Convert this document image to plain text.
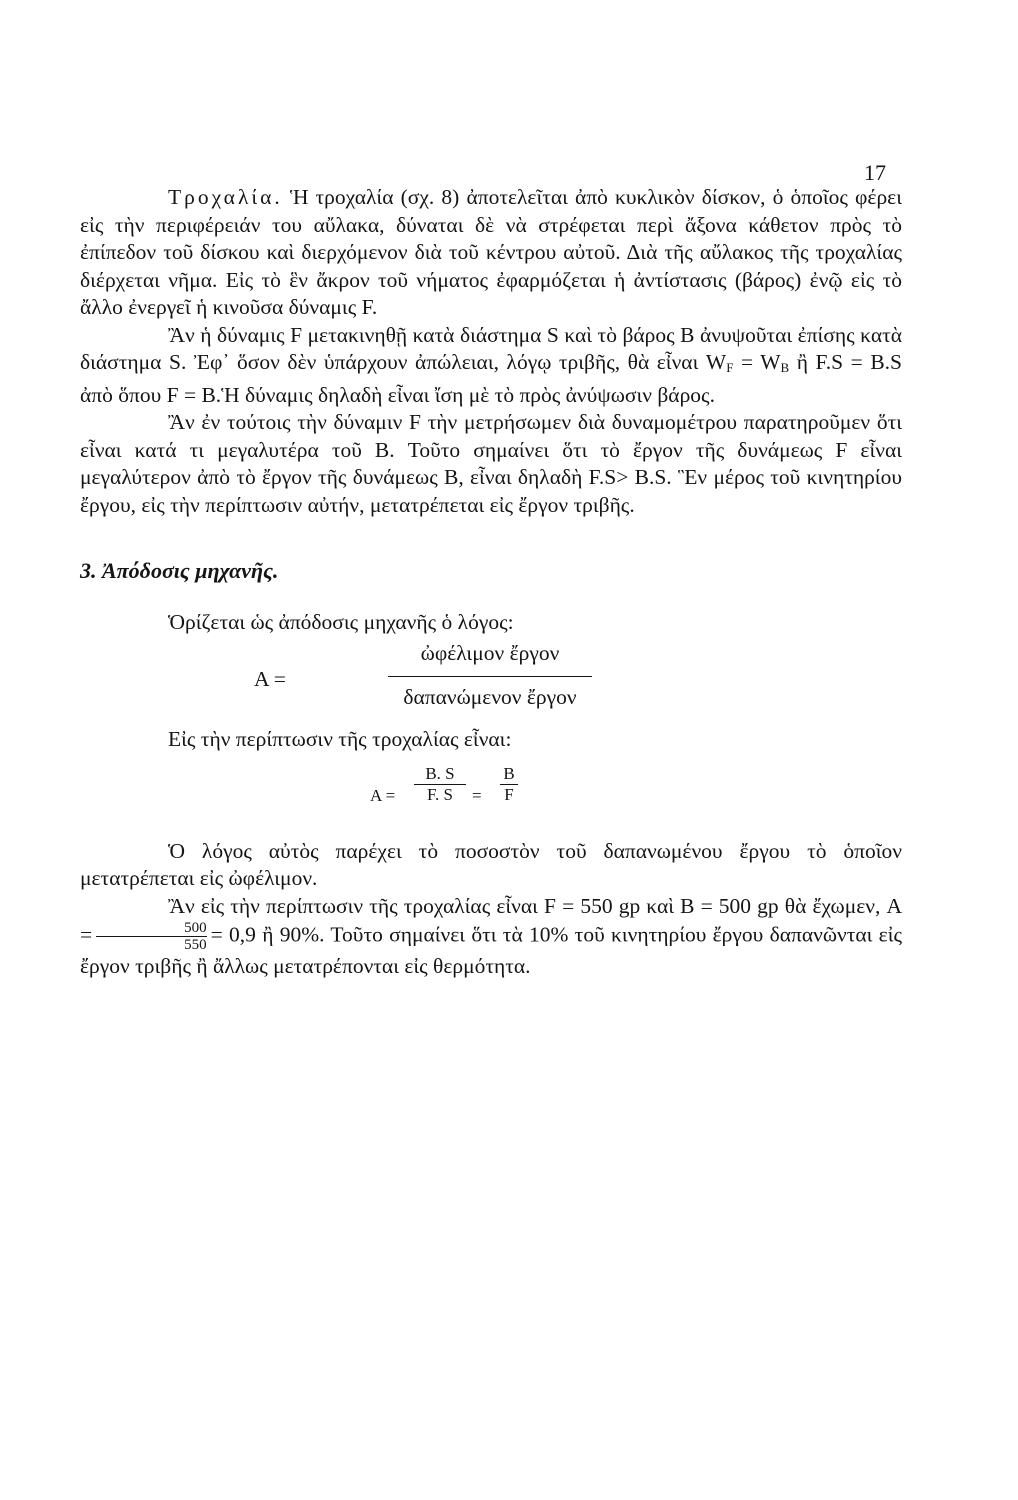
17

Τροχαλία. Ἡ τροχαλία (σχ. 8) ἀποτελεῖται ἀπὸ κυκλικὸν δίσκον, ὁ ὁποῖος φέρει εἰς τὴν περιφέρειάν του αὔλακα, δύναται δὲ νὰ στρέφεται περὶ ἄξονα κάθετον πρὸς τὸ ἐπίπεδον τοῦ δίσκου καὶ διερχόμενον διὰ τοῦ κέντρου αὐτοῦ. Διὰ τῆς αὔλακος τῆς τροχαλίας διέρχεται νῆμα. Εἰς τὸ ἓν ἄκρον τοῦ νήματος ἐφαρμόζεται ἡ ἀντίστασις (βάρος) ἐνῷ εἰς τὸ ἄλλο ἐνεργεῖ ἡ κινοῦσα δύναμις F.

Ἂν ἡ δύναμις F μετακινηθῇ κατὰ διάστημα S καὶ τὸ βάρος B ἀνυψοῦται ἐπίσης κατὰ διάστημα S. Ἐφ᾽ ὅσον δὲν ὑπάρχουν ἀπώλειαι, λόγῳ τριβῆς, θὰ εἶναι $W_F = W_B$ ἢ F.S = B.S ἀπὸ ὅπου F = B.Ἡ δύναμις δηλαδὴ εἶναι ἴση μὲ τὸ πρὸς ἀνύψωσιν βάρος.

Ἂν ἐν τούτοις τὴν δύναμιν F τὴν μετρήσωμεν διὰ δυναμομέτρου παρατηροῦμεν ὅτι εἶναι κατά τι μεγαλυτέρα τοῦ B. Τοῦτο σημαίνει ὅτι τὸ ἔργον τῆς δυνάμεως F εἶναι μεγαλύτερον ἀπὸ τὸ ἔργον τῆς δυνάμεως B, εἶναι δηλαδὴ F.S> B.S. Ἓν μέρος τοῦ κινητηρίου ἔργου, εἰς τὴν περίπτωσιν αὐτήν, μετατρέπεται εἰς ἔργον τριβῆς.

3. Ἀπόδοσις μηχανῆς.

Ὁρίζεται ὡς ἀπόδοσις μηχανῆς ὁ λόγος:

A =
ὠφέλιμον ἔργον
δαπανώμενον ἔργον

Εἰς τὴν περίπτωσιν τῆς τροχαλίας εἶναι:

A =
B. S
F. S	=
B
F

Ὁ λόγος αὐτὸς παρέχει τὸ ποσοστὸν τοῦ δαπανωμένου ἔργου τὸ ὁποῖον μετατρέπεται εἰς ὠφέλιμον.

Ἂν εἰς τὴν περίπτωσιν τῆς τροχαλίας εἶναι F = 550 gp καὶ B = 500 gp θὰ ἔχωμεν, $A = \frac{500}{550} = 0,9$ ἢ 90%. Τοῦτο σημαίνει ὅτι τὰ 10% τοῦ κινητηρίου ἔργου δαπανῶνται εἰς ἔργον τριβῆς ἢ ἄλλως μετατρέπονται εἰς θερμότητα.
